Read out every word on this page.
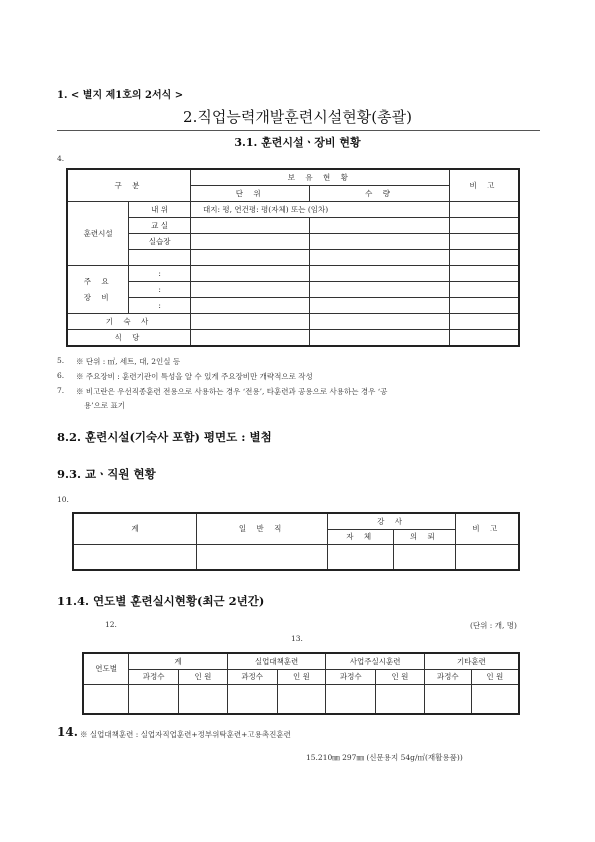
1. < 별지 제1호의 2서식 >
2.직업능력개발훈련시설현황(총괄)
3.1. 훈련시설ㆍ장비 현황
4.
구 분		보 유 현 황		비 고
		단 위	수 량	
훈련시설	내 위	대지: 평, 연건평: 평(자체) 또는 (임차)		
	교 실			
	실습장			

주 요
장 비	:			
	:			
	:			
기 숙 사				
식 당				
5. ※ 단위 : ㎡, 세트, 대, 2인실 등
6. ※ 주요장비 : 훈련기관이 특성을 알 수 있게 주요장비만 개략적으로 작성
7. ※ 비고란은 우선직종훈련 전용으로 사용하는 경우 ‘전용’, 타훈련과 공용으로 사용하는 경우 ‘공
용’으로 표기
8.2. 훈련시설(기숙사 포함) 평면도 : 별첨
9.3. 교ㆍ직원 현황
10.
계	일 반 직	강 사		비 고
		자 체	의 뢰	

11.4. 연도별 훈련실시현황(최근 2년간)
12.	(단위 : 개, 명)
13.
연도별	계		실업대책훈련		사업주실시훈련		기타훈련	
	과정수	인 원	과정수	인 원	과정수	인 원	과정수	인 원

14. ※ 실업대책훈련 : 실업자직업훈련+정부위탁훈련+고용촉진훈련
15.210㎜ 297㎜ (신문용지 54g/㎡(재활용품))
